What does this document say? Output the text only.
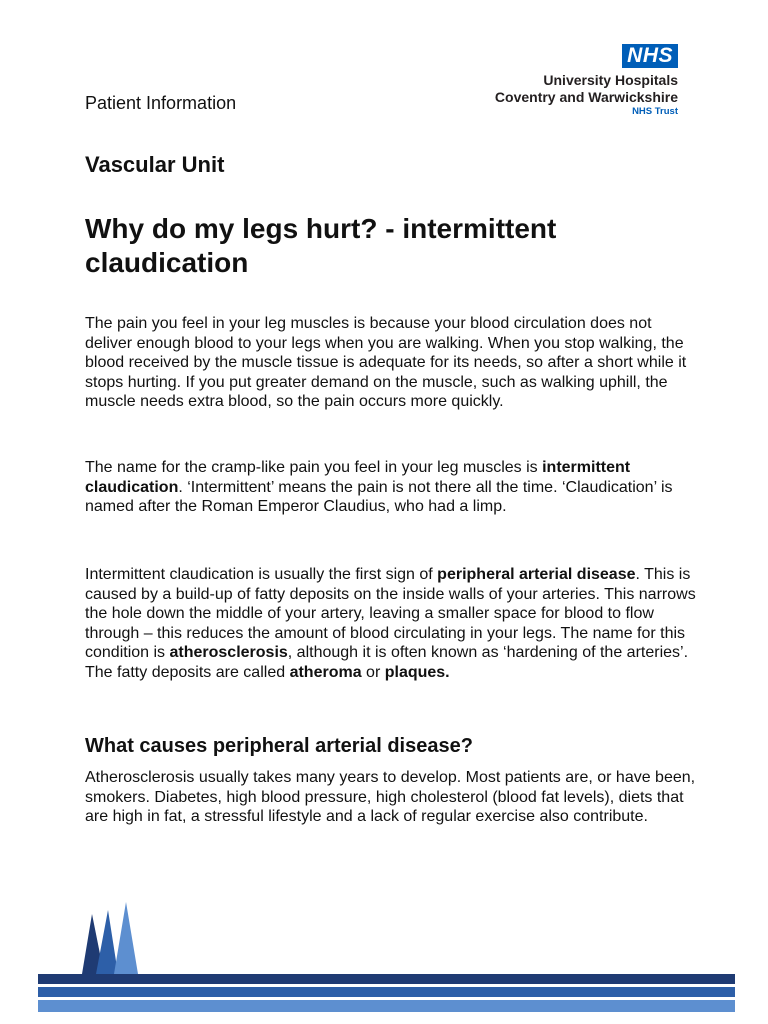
NHS
University Hospitals
Coventry and Warwickshire
NHS Trust
Patient Information
Vascular Unit
Why do my legs hurt? - intermittent claudication

The pain you feel in your leg muscles is because your blood circulation does not deliver enough blood to your legs when you are walking. When you stop walking, the blood received by the muscle tissue is adequate for its needs, so after a short while it stops hurting. If you put greater demand on the muscle, such as walking uphill, the muscle needs extra blood, so the pain occurs more quickly.

The name for the cramp-like pain you feel in your leg muscles is intermittent claudication. ‘Intermittent’ means the pain is not there all the time. ‘Claudication’ is named after the Roman Emperor Claudius, who had a limp.

Intermittent claudication is usually the first sign of peripheral arterial disease. This is caused by a build-up of fatty deposits on the inside walls of your arteries. This narrows the hole down the middle of your artery, leaving a smaller space for blood to flow through – this reduces the amount of blood circulating in your legs. The name for this condition is atherosclerosis, although it is often known as ‘hardening of the arteries’. The fatty deposits are called atheroma or plaques.

What causes peripheral arterial disease?

Atherosclerosis usually takes many years to develop. Most patients are, or have been, smokers. Diabetes, high blood pressure, high cholesterol (blood fat levels), diets that are high in fat, a stressful lifestyle and a lack of regular exercise also contribute.
